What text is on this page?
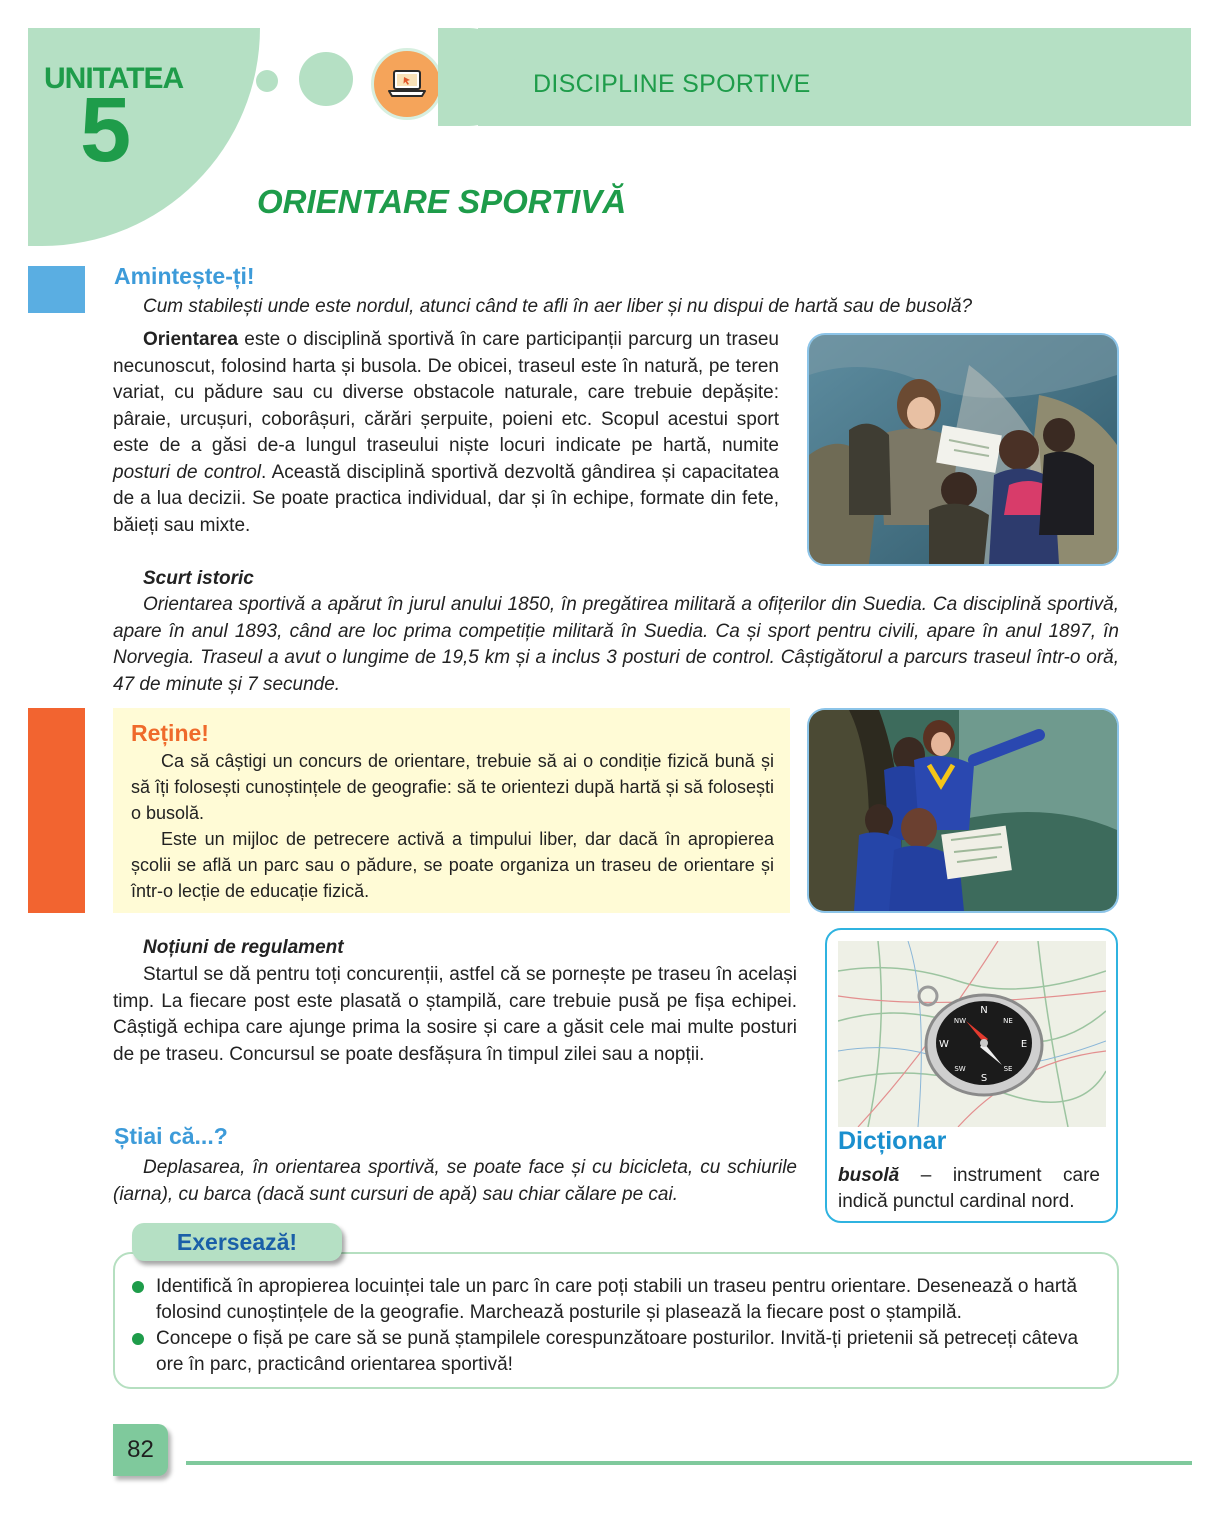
UNITATEA
5	DISCIPLINE SPORTIVE
ORIENTARE SPORTIVĂ
Amintește-ți!
Cum stabilești unde este nordul, atunci când te afli în aer liber și nu dispui de hartă sau de busolă?
Orientarea este o disciplină sportivă în care participanții parcurg un traseu necunoscut, folosind harta și busola. De obicei, traseul este în natură, pe teren variat, cu pădure sau cu diverse obstacole naturale, care trebuie depășite: pâraie, urcușuri, coborâșuri, cărări șerpuite, poieni etc. Scopul acestui sport este de a găsi de-a lungul traseului niște locuri indicate pe hartă, numite posturi de control. Această disciplină sportivă dezvoltă gândirea și capacitatea de a lua decizii. Se poate practica individual, dar și în echipe, formate din fete, băieți sau mixte.
Scurt istoric
Orientarea sportivă a apărut în jurul anului 1850, în pregătirea militară a ofițerilor din Suedia. Ca disciplină sportivă, apare în anul 1893, când are loc prima competiție militară în Suedia. Ca și sport pentru civili, apare în anul 1897, în Norvegia. Traseul a avut o lungime de 19,5 km și a inclus 3 posturi de control. Câștigătorul a parcurs traseul într-o oră, 47 de minute și 7 secunde.
Reține!
Ca să câștigi un concurs de orientare, trebuie să ai o condiție fizică bună și să îți folosești cunoștințele de geografie: să te orientezi după hartă și să folosești o busolă.
Este un mijloc de petrecere activă a timpului liber, dar dacă în apropierea școlii se află un parc sau o pădure, se poate organiza un traseu de orientare și într-o lecție de educație fizică.
Noțiuni de regulament
Startul se dă pentru toți concurenții, astfel că se pornește pe traseu în același timp. La fiecare post este plasată o ștampilă, care trebuie pusă pe fișa echipei. Câștigă echipa care ajunge prima la sosire și care a găsit cele mai multe posturi de pe traseu. Concursul se poate desfășura în timpul zilei sau a nopții.
Știai că...?
Deplasarea, în orientarea sportivă, se poate face și cu bicicleta, cu schiurile (iarna), cu barca (dacă sunt cursuri de apă) sau chiar călare pe cai.
N
E
S
W
NE
SE
SW
NW
Dicționar
busolă – instrument care indică punctul cardinal nord.
Exersează!
Identifică în apropierea locuinței tale un parc în care poți stabili un traseu pentru orientare. Desenează o hartă folosind cunoștințele de la geografie. Marchează posturile și plasează la fiecare post o ștampilă.
Concepe o fișă pe care să se pună ștampilele corespunzătoare posturilor. Invită-ți prietenii să petreceți câteva ore în parc, practicând orientarea sportivă!
82
